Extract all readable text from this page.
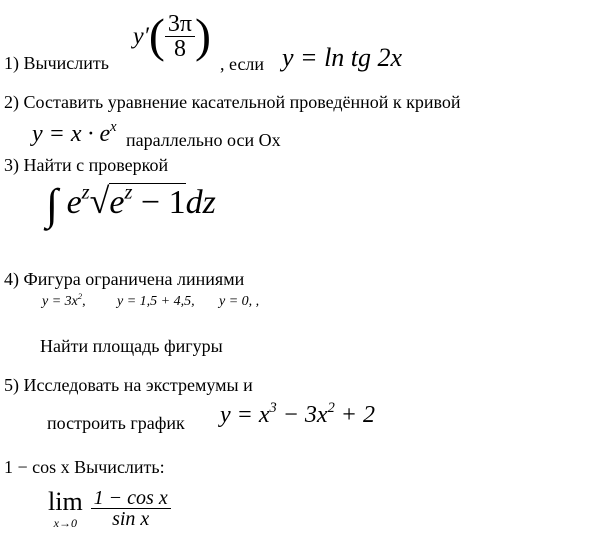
1) Вычислить
$y'( \frac{3\pi}{8}$ )
, если y = ln tg 2x
2) Составить уравнение касательной проведённой к кривой
$y = x \cdot e^x$
параллельно оси Ox
3) Найти с проверкой
∫ $e^z√e^z - 1dz$
4) Фигура ограничена линиями
$y = 3x^2$, y = 1,5 + 4,5, y = 0, ,
Найти площадь фигуры
5) Исследовать на экстремумы и
построить график $y = x^3 - 3x^2 + 2$
1 − cos x Вычислить:
lim
x→0
$\frac{\text{1 − cos x}}{\text{sin x}}$
